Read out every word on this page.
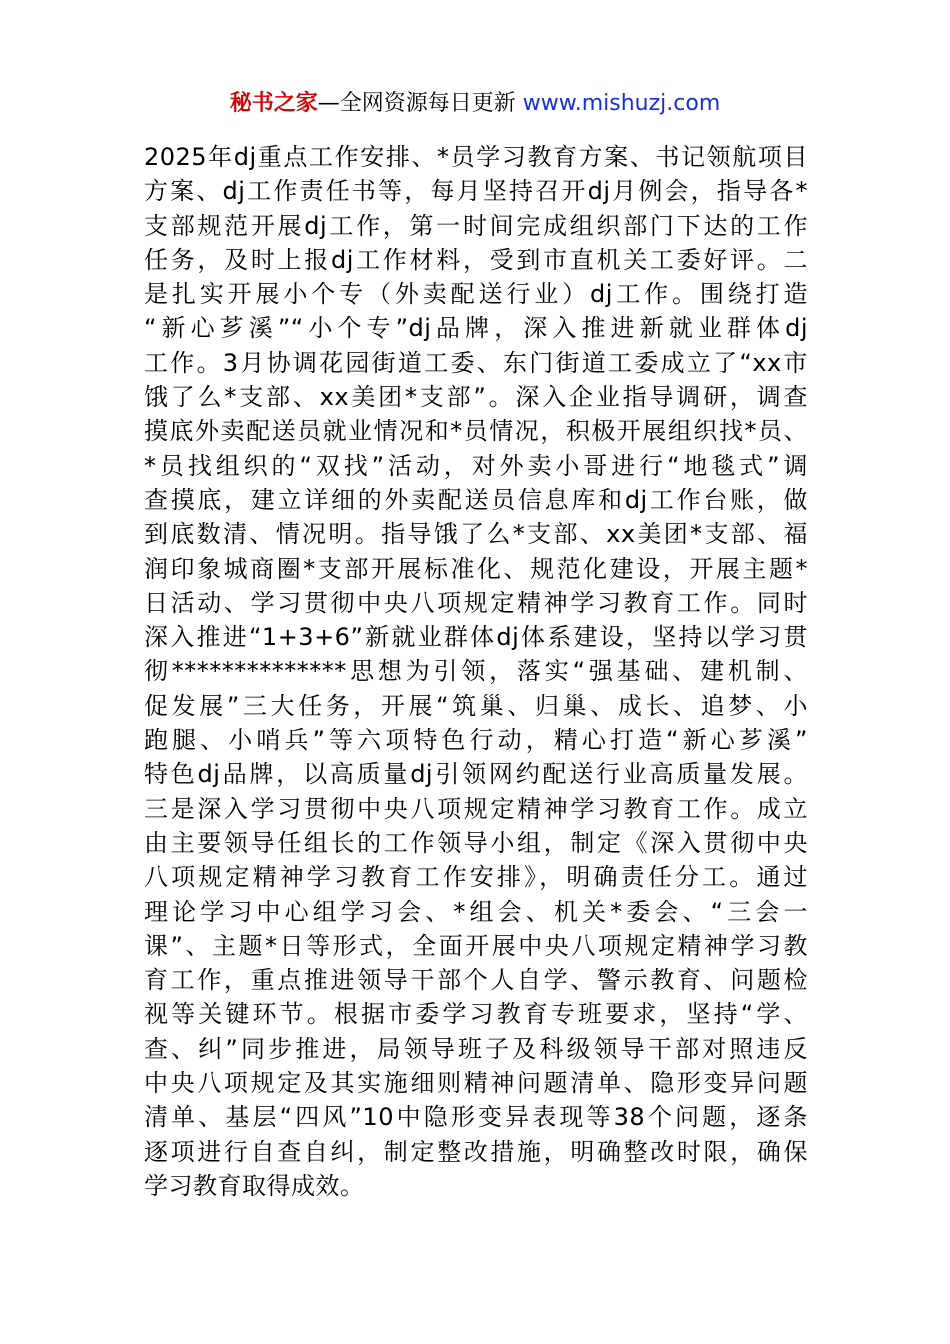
秘书之家—全网资源每日更新 www.mishuzj.com
2025年dj重点工作安排、*员学习教育方案、书记领航项目
方案、dj工作责任书等，每月坚持召开dj月例会，指导各*
支部规范开展dj工作，第一时间完成组织部门下达的工作
任务，及时上报dj工作材料，受到市直机关工委好评。二
是扎实开展小个专（外卖配送行业）dj工作。围绕打造
“新心芗溪”“小个专”dj品牌，深入推进新就业群体dj
工作。3月协调花园街道工委、东门街道工委成立了“xx市
饿了么*支部、xx美团*支部”。深入企业指导调研，调查
摸底外卖配送员就业情况和*员情况，积极开展组织找*员、
*员找组织的“双找”活动，对外卖小哥进行“地毯式”调
查摸底，建立详细的外卖配送员信息库和dj工作台账，做
到底数清、情况明。指导饿了么*支部、xx美团*支部、福
润印象城商圈*支部开展标准化、规范化建设，开展主题*
日活动、学习贯彻中央八项规定精神学习教育工作。同时
深入推进“1+3+6”新就业群体dj体系建设，坚持以学习贯
彻**************思想为引领，落实“强基础、建机制、
促发展”三大任务，开展“筑巢、归巢、成长、追梦、小
跑腿、小哨兵”等六项特色行动，精心打造“新心芗溪”
特色dj品牌，以高质量dj引领网约配送行业高质量发展。
三是深入学习贯彻中央八项规定精神学习教育工作。成立
由主要领导任组长的工作领导小组，制定《深入贯彻中央
八项规定精神学习教育工作安排》，明确责任分工。通过
理论学习中心组学习会、*组会、机关*委会、“三会一
课”、主题*日等形式，全面开展中央八项规定精神学习教
育工作，重点推进领导干部个人自学、警示教育、问题检
视等关键环节。根据市委学习教育专班要求，坚持“学、
查、纠”同步推进，局领导班子及科级领导干部对照违反
中央八项规定及其实施细则精神问题清单、隐形变异问题
清单、基层“四风”10中隐形变异表现等38个问题，逐条
逐项进行自查自纠，制定整改措施，明确整改时限，确保
学习教育取得成效。
